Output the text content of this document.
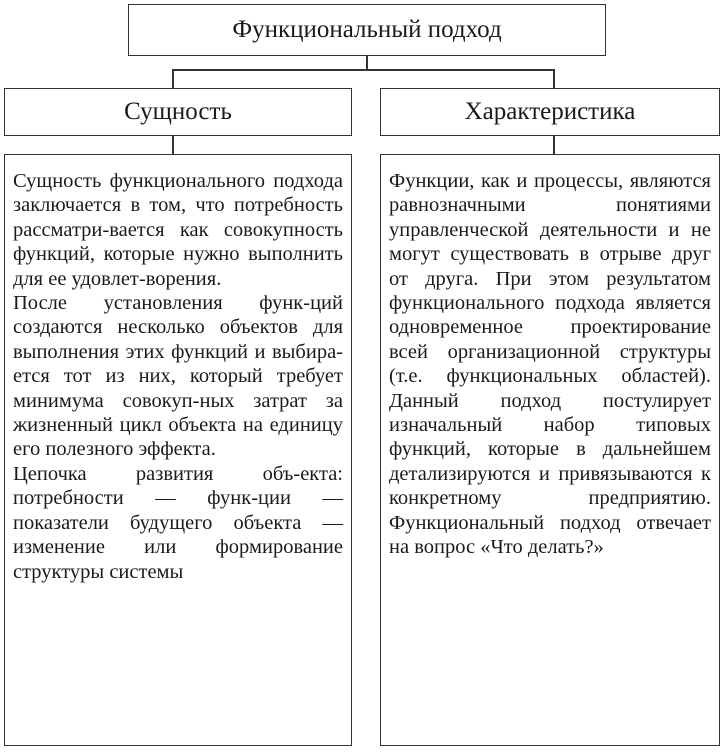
Функциональный подход
Сущность	Характеристика

Сущность функционального подхода заключается в том, что потребность рассматри-вается как совокупность функций, которые нужно выполнить для ее удовлет-ворения.
После установления функ-ций создаются несколько объектов для выполнения этих функций и выбира-ется тот из них, который требует минимума совокуп-ных затрат за жизненный цикл объекта на единицу его полезного эффекта.
Цепочка развития объ-екта: потребности — функ-ции — показатели будущего объекта — изменение или формирование структуры системы

Функции, как и процессы, являются равнозначными понятиями управленческой деятельности и не могут существовать в отрыве друг от друга. При этом результатом функционального подхода является одновременное проектирование всей организационной структуры (т.е. функциональных областей). Данный подход постулирует изначальный набор типовых функций, которые в дальнейшем детализируются и привязываются к конкретному предприятию. Функциональный подход отвечает на вопрос «Что делать?»
